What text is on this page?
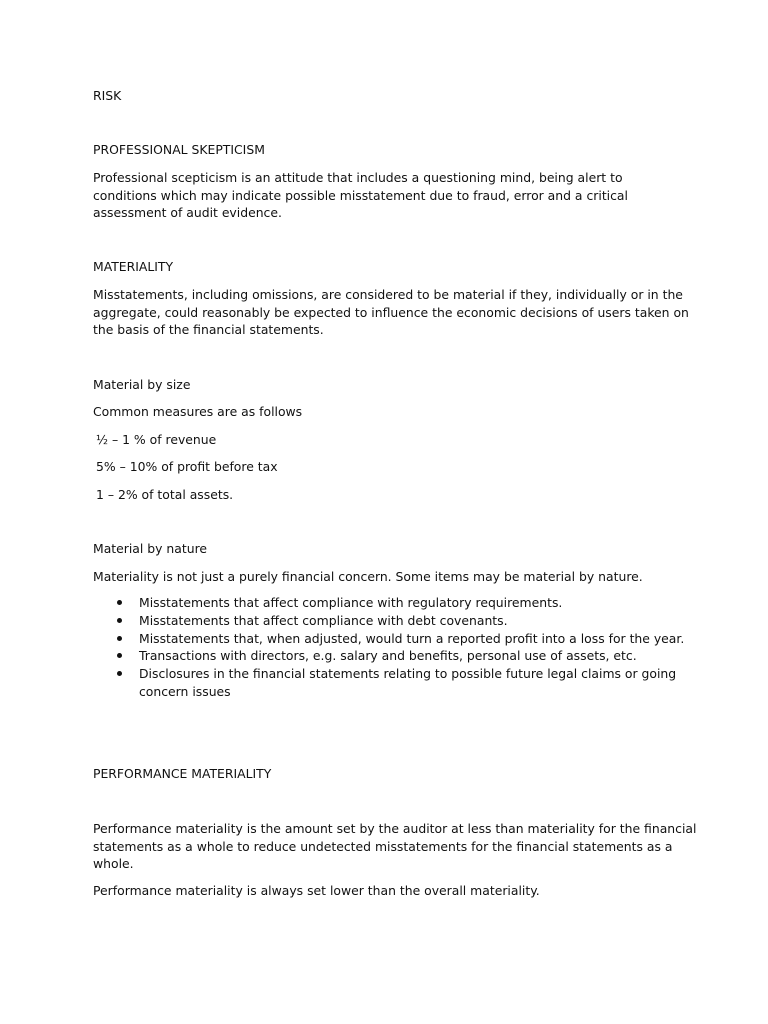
RISK
PROFESSIONAL SKEPTICISM
Professional scepticism is an attitude that includes a questioning mind, being alert to
conditions which may indicate possible misstatement due to fraud, error and a critical
assessment of audit evidence.
MATERIALITY
Misstatements, including omissions, are considered to be material if they, individually or in the
aggregate, could reasonably be expected to influence the economic decisions of users taken on
the basis of the financial statements.
Material by size
Common measures are as follows
½ – 1 % of revenue
5% – 10% of profit before tax
1 – 2% of total assets.
Material by nature
Materiality is not just a purely financial concern. Some items may be material by nature.
Misstatements that affect compliance with regulatory requirements.
Misstatements that affect compliance with debt covenants.
Misstatements that, when adjusted, would turn a reported profit into a loss for the year.
Transactions with directors, e.g. salary and benefits, personal use of assets, etc.
Disclosures in the financial statements relating to possible future legal claims or going
concern issues
PERFORMANCE MATERIALITY
Performance materiality is the amount set by the auditor at less than materiality for the financial
statements as a whole to reduce undetected misstatements for the financial statements as a
whole.
Performance materiality is always set lower than the overall materiality.
